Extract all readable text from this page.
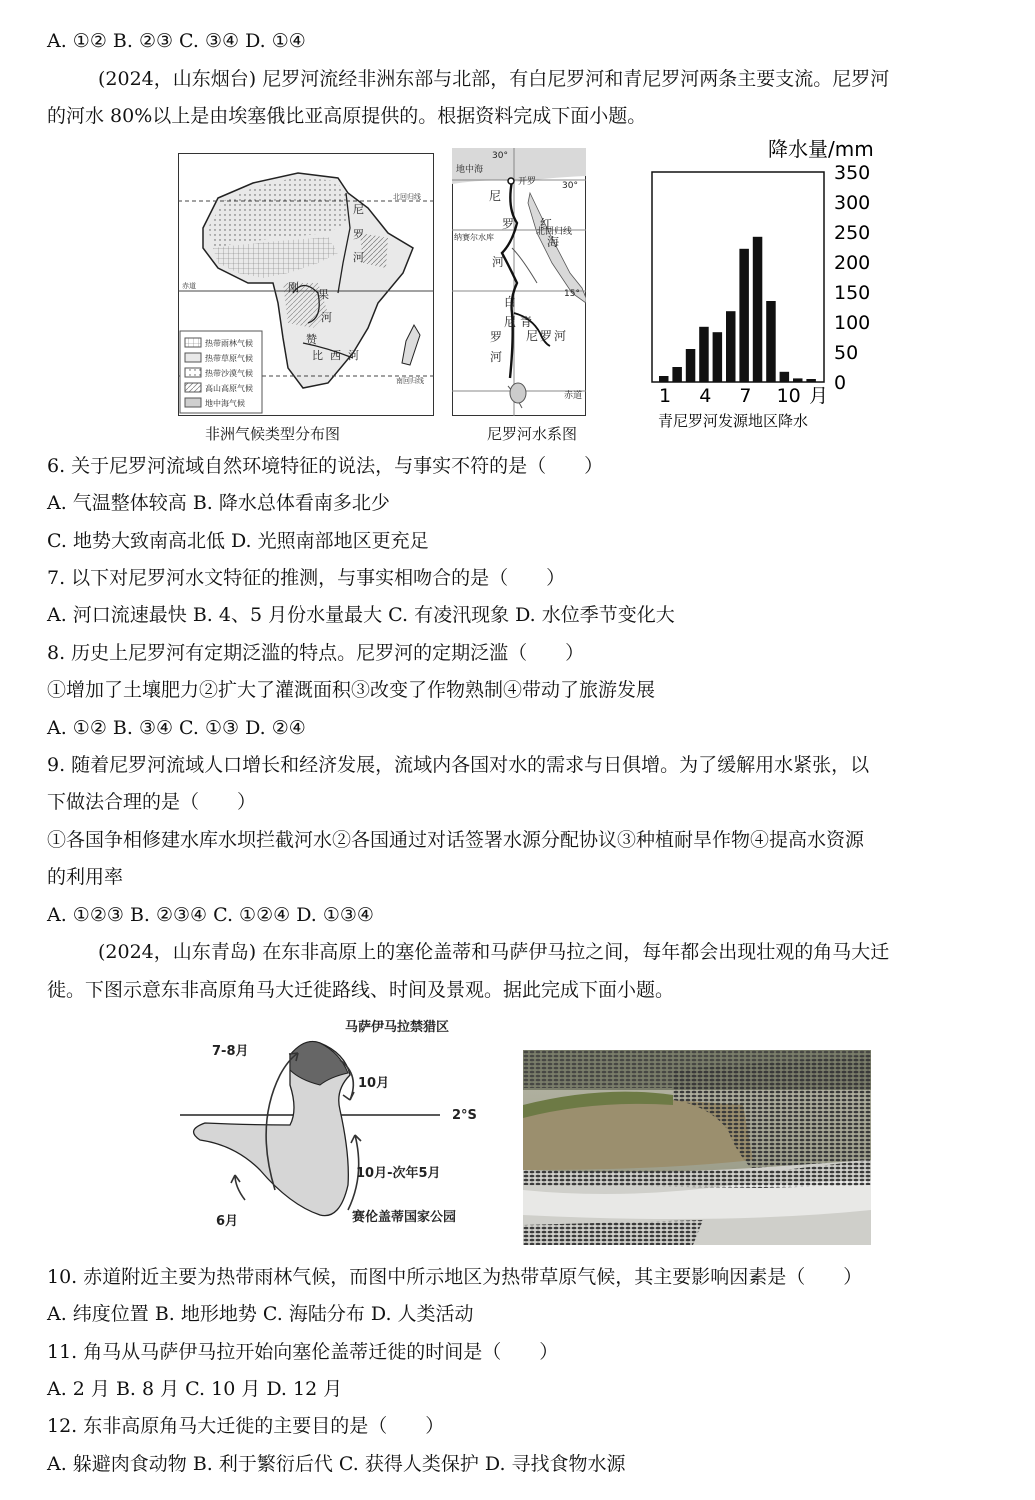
A. ①② B. ②③ C. ③④ D. ①④
(2024，山东烟台) 尼罗河流经非洲东部与北部，有白尼罗河和青尼罗河两条主要支流。尼罗河
的河水 80%以上是由埃塞俄比亚高原提供的。根据资料完成下面小题。
热带雨林气候
热带草原气候
热带沙漠气候
高山高原气候
地中海气候
北回归线
赤道
南回归线
尼
罗
河
刚
果
河
赞
比 西 河
非洲气候类型分布图
30°
地中海
开罗	30°
北回归线
纳赛尔水库
15°
赤道
尼
罗
河
红
海
白
尼
罗
河
青
尼 罗 河
尼罗河水系图
降水量/mm
350
300
250
200
150
100
50
0
1 4 7 10 月
青尼罗河发源地区降水
6. 关于尼罗河流域自然环境特征的说法，与事实不符的是（　　）
A. 气温整体较高 B. 降水总体看南多北少
C. 地势大致南高北低 D. 光照南部地区更充足
7. 以下对尼罗河水文特征的推测，与事实相吻合的是（　　）
A. 河口流速最快 B. 4、5 月份水量最大 C. 有凌汛现象 D. 水位季节变化大
8. 历史上尼罗河有定期泛滥的特点。尼罗河的定期泛滥（　　）
①增加了土壤肥力②扩大了灌溉面积③改变了作物熟制④带动了旅游发展
A. ①② B. ③④ C. ①③ D. ②④
9. 随着尼罗河流域人口增长和经济发展，流域内各国对水的需求与日俱增。为了缓解用水紧张，以
下做法合理的是（　　）
①各国争相修建水库水坝拦截河水②各国通过对话签署水源分配协议③种植耐旱作物④提高水资源
的利用率
A. ①②③ B. ②③④ C. ①②④ D. ①③④
(2024，山东青岛) 在东非高原上的塞伦盖蒂和马萨伊马拉之间，每年都会出现壮观的角马大迁
徙。下图示意东非高原角马大迁徙路线、时间及景观。据此完成下面小题。
马萨伊马拉禁猎区
7-8月
10月
2°S
10月-次年5月
6月	赛伦盖蒂国家公园
10. 赤道附近主要为热带雨林气候，而图中所示地区为热带草原气候，其主要影响因素是（　　）
A. 纬度位置 B. 地形地势 C. 海陆分布 D. 人类活动
11. 角马从马萨伊马拉开始向塞伦盖蒂迁徙的时间是（　　）
A. 2 月 B. 8 月 C. 10 月 D. 12 月
12. 东非高原角马大迁徙的主要目的是（　　）
A. 躲避肉食动物 B. 利于繁衍后代 C. 获得人类保护 D. 寻找食物水源
